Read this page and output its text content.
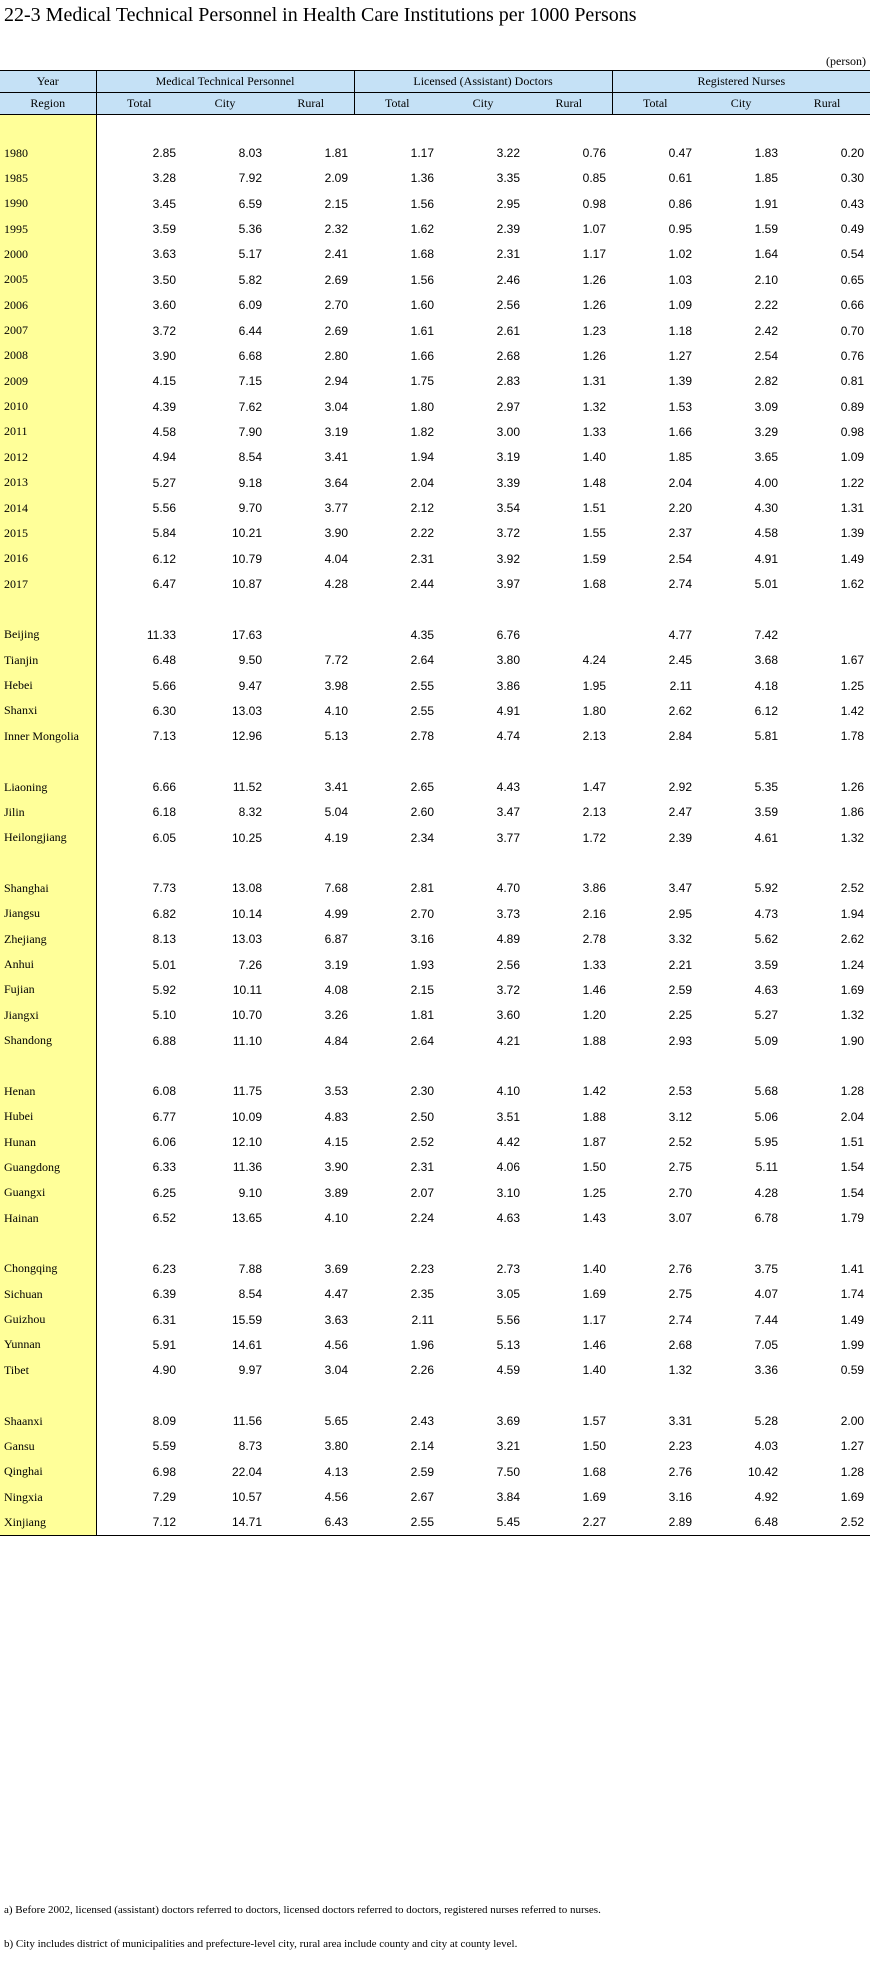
22-3 Medical Technical Personnel in Health Care Institutions per 1000 Persons
(person)
Year	Medical Technical Personnel			Licensed (Assistant) Doctors			Registered Nurses		
Region	Total	City	Rural	Total	City	Rural	Total	City	Rural

1980	2.85	8.03	1.81	1.17	3.22	0.76	0.47	1.83	0.20
1985	3.28	7.92	2.09	1.36	3.35	0.85	0.61	1.85	0.30
1990	3.45	6.59	2.15	1.56	2.95	0.98	0.86	1.91	0.43
1995	3.59	5.36	2.32	1.62	2.39	1.07	0.95	1.59	0.49
2000	3.63	5.17	2.41	1.68	2.31	1.17	1.02	1.64	0.54
2005	3.50	5.82	2.69	1.56	2.46	1.26	1.03	2.10	0.65
2006	3.60	6.09	2.70	1.60	2.56	1.26	1.09	2.22	0.66
2007	3.72	6.44	2.69	1.61	2.61	1.23	1.18	2.42	0.70
2008	3.90	6.68	2.80	1.66	2.68	1.26	1.27	2.54	0.76
2009	4.15	7.15	2.94	1.75	2.83	1.31	1.39	2.82	0.81
2010	4.39	7.62	3.04	1.80	2.97	1.32	1.53	3.09	0.89
2011	4.58	7.90	3.19	1.82	3.00	1.33	1.66	3.29	0.98
2012	4.94	8.54	3.41	1.94	3.19	1.40	1.85	3.65	1.09
2013	5.27	9.18	3.64	2.04	3.39	1.48	2.04	4.00	1.22
2014	5.56	9.70	3.77	2.12	3.54	1.51	2.20	4.30	1.31
2015	5.84	10.21	3.90	2.22	3.72	1.55	2.37	4.58	1.39
2016	6.12	10.79	4.04	2.31	3.92	1.59	2.54	4.91	1.49
2017	6.47	10.87	4.28	2.44	3.97	1.68	2.74	5.01	1.62

Beijing	11.33	17.63		4.35	6.76		4.77	7.42	
Tianjin	6.48	9.50	7.72	2.64	3.80	4.24	2.45	3.68	1.67
Hebei	5.66	9.47	3.98	2.55	3.86	1.95	2.11	4.18	1.25
Shanxi	6.30	13.03	4.10	2.55	4.91	1.80	2.62	6.12	1.42
Inner Mongolia	7.13	12.96	5.13	2.78	4.74	2.13	2.84	5.81	1.78

Liaoning	6.66	11.52	3.41	2.65	4.43	1.47	2.92	5.35	1.26
Jilin	6.18	8.32	5.04	2.60	3.47	2.13	2.47	3.59	1.86
Heilongjiang	6.05	10.25	4.19	2.34	3.77	1.72	2.39	4.61	1.32

Shanghai	7.73	13.08	7.68	2.81	4.70	3.86	3.47	5.92	2.52
Jiangsu	6.82	10.14	4.99	2.70	3.73	2.16	2.95	4.73	1.94
Zhejiang	8.13	13.03	6.87	3.16	4.89	2.78	3.32	5.62	2.62
Anhui	5.01	7.26	3.19	1.93	2.56	1.33	2.21	3.59	1.24
Fujian	5.92	10.11	4.08	2.15	3.72	1.46	2.59	4.63	1.69
Jiangxi	5.10	10.70	3.26	1.81	3.60	1.20	2.25	5.27	1.32
Shandong	6.88	11.10	4.84	2.64	4.21	1.88	2.93	5.09	1.90

Henan	6.08	11.75	3.53	2.30	4.10	1.42	2.53	5.68	1.28
Hubei	6.77	10.09	4.83	2.50	3.51	1.88	3.12	5.06	2.04
Hunan	6.06	12.10	4.15	2.52	4.42	1.87	2.52	5.95	1.51
Guangdong	6.33	11.36	3.90	2.31	4.06	1.50	2.75	5.11	1.54
Guangxi	6.25	9.10	3.89	2.07	3.10	1.25	2.70	4.28	1.54
Hainan	6.52	13.65	4.10	2.24	4.63	1.43	3.07	6.78	1.79

Chongqing	6.23	7.88	3.69	2.23	2.73	1.40	2.76	3.75	1.41
Sichuan	6.39	8.54	4.47	2.35	3.05	1.69	2.75	4.07	1.74
Guizhou	6.31	15.59	3.63	2.11	5.56	1.17	2.74	7.44	1.49
Yunnan	5.91	14.61	4.56	1.96	5.13	1.46	2.68	7.05	1.99
Tibet	4.90	9.97	3.04	2.26	4.59	1.40	1.32	3.36	0.59

Shaanxi	8.09	11.56	5.65	2.43	3.69	1.57	3.31	5.28	2.00
Gansu	5.59	8.73	3.80	2.14	3.21	1.50	2.23	4.03	1.27
Qinghai	6.98	22.04	4.13	2.59	7.50	1.68	2.76	10.42	1.28
Ningxia	7.29	10.57	4.56	2.67	3.84	1.69	3.16	4.92	1.69
Xinjiang	7.12	14.71	6.43	2.55	5.45	2.27	2.89	6.48	2.52

a) Before 2002, licensed (assistant) doctors referred to doctors, licensed doctors referred to doctors, registered nurses referred to nurses.

b) City includes district of municipalities and prefecture-level city, rural area include county and city at county level.
